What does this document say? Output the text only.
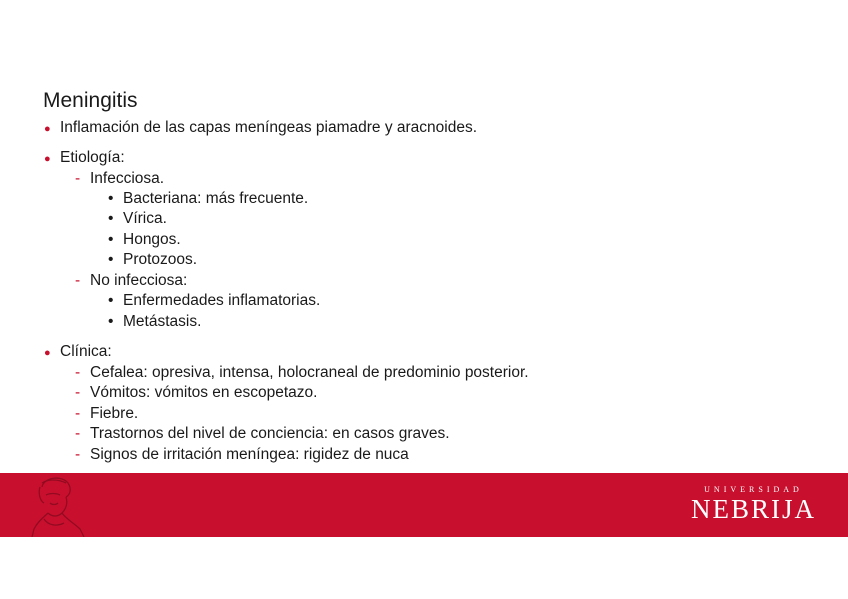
Meningitis
● Inflamación de las capas meníngeas piamadre y aracnoides.
● Etiología:
- Infecciosa.
• Bacteriana: más frecuente.
• Vírica.
• Hongos.
• Protozoos.
- No infecciosa:
• Enfermedades inflamatorias.
• Metástasis.
● Clínica:
- Cefalea: opresiva, intensa, holocraneal de predominio posterior.
- Vómitos: vómitos en escopetazo.
- Fiebre.
- Trastornos del nivel de conciencia: en casos graves.
- Signos de irritación meníngea: rigidez de nuca
UNIVERSIDAD
NEBRIJA
